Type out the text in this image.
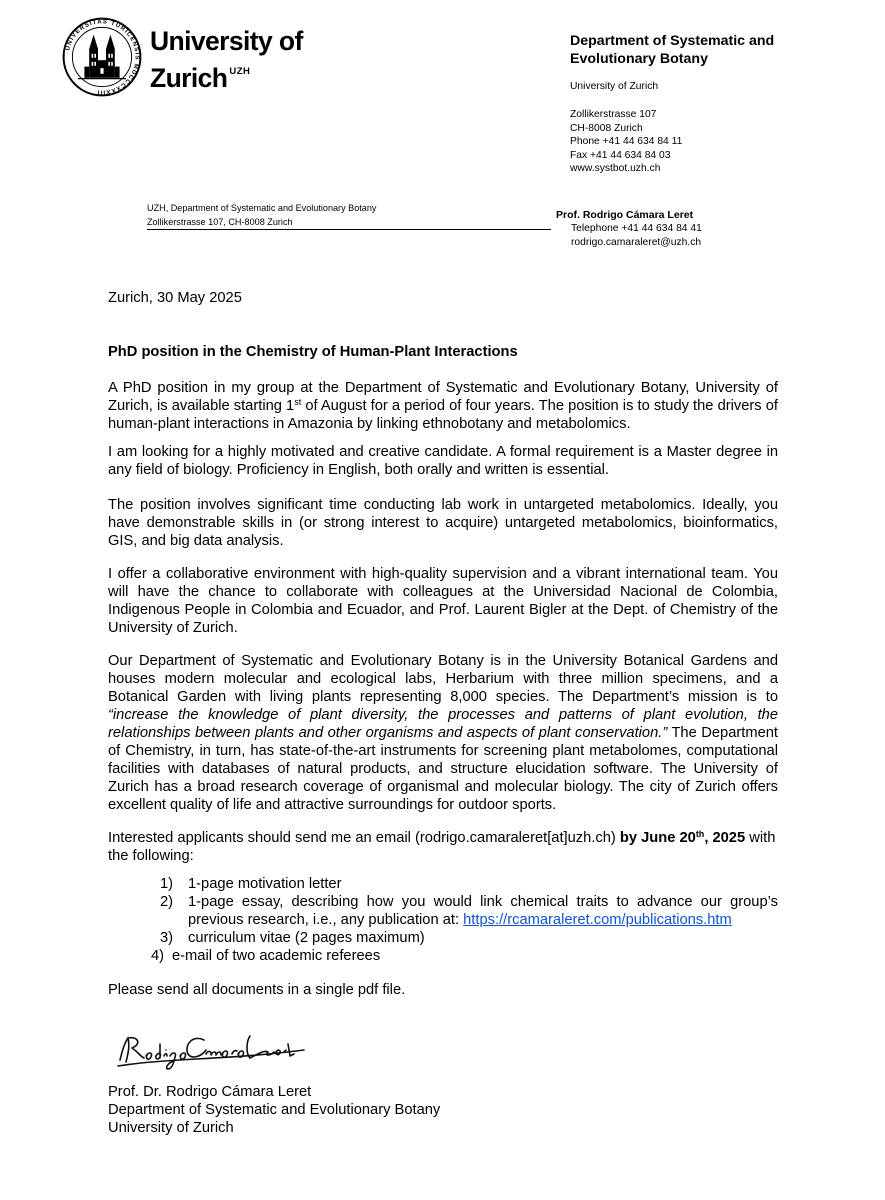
UNIVERSITAS TURICENSIS MDCCCXXXIII
University of
Zurich $^{UZH}$
Department of Systematic and
Evolutionary Botany
University of Zurich
Zollikerstrasse 107
CH-8008 Zurich
Phone +41 44 634 84 11
Fax +41 44 634 84 03
www.systbot.uzh.ch
UZH, Department of Systematic and Evolutionary Botany
Zollikerstrasse 107, CH-8008 Zurich
Prof. Rodrigo Cámara Leret
Telephone +41 44 634 84 41
rodrigo.camaraleret@uzh.ch
Zurich, 30 May 2025
PhD position in the Chemistry of Human-Plant Interactions
A PhD position in my group at the Department of Systematic and Evolutionary Botany, University of Zurich, is available starting 1st of August for a period of four years. The position is to study the drivers of human-plant interactions in Amazonia by linking ethnobotany and metabolomics.
I am looking for a highly motivated and creative candidate. A formal requirement is a Master degree in any field of biology. Proficiency in English, both orally and written is essential.
The position involves significant time conducting lab work in untargeted metabolomics. Ideally, you have demonstrable skills in (or strong interest to acquire) untargeted metabolomics, bioinformatics, GIS, and big data analysis.
I offer a collaborative environment with high-quality supervision and a vibrant international team. You will have the chance to collaborate with colleagues at the Universidad Nacional de Colombia, Indigenous People in Colombia and Ecuador, and Prof. Laurent Bigler at the Dept. of Chemistry of the University of Zurich.
Our Department of Systematic and Evolutionary Botany is in the University Botanical Gardens and houses modern molecular and ecological labs, Herbarium with three million specimens, and a Botanical Garden with living plants representing 8,000 species. The Department’s mission is to “increase the knowledge of plant diversity, the processes and patterns of plant evolution, the relationships between plants and other organisms and aspects of plant conservation.” The Department of Chemistry, in turn, has state-of-the-art instruments for screening plant metabolomes, computational facilities with databases of natural products, and structure elucidation software. The University of Zurich has a broad research coverage of organismal and molecular biology. The city of Zurich offers excellent quality of life and attractive surroundings for outdoor sports.
Interested applicants should send me an email (rodrigo.camaraleret[at]uzh.ch) by June 20th, 2025 with
the following:
1) 1-page motivation letter
2) 1-page essay, describing how you would link chemical traits to advance our group’s
previous research, i.e., any publication at: https://rcamaraleret.com/publications.htm
3) curriculum vitae (2 pages maximum)
4) e-mail of two academic referees
Please send all documents in a single pdf file.
Prof. Dr. Rodrigo Cámara Leret
Department of Systematic and Evolutionary Botany
University of Zurich
